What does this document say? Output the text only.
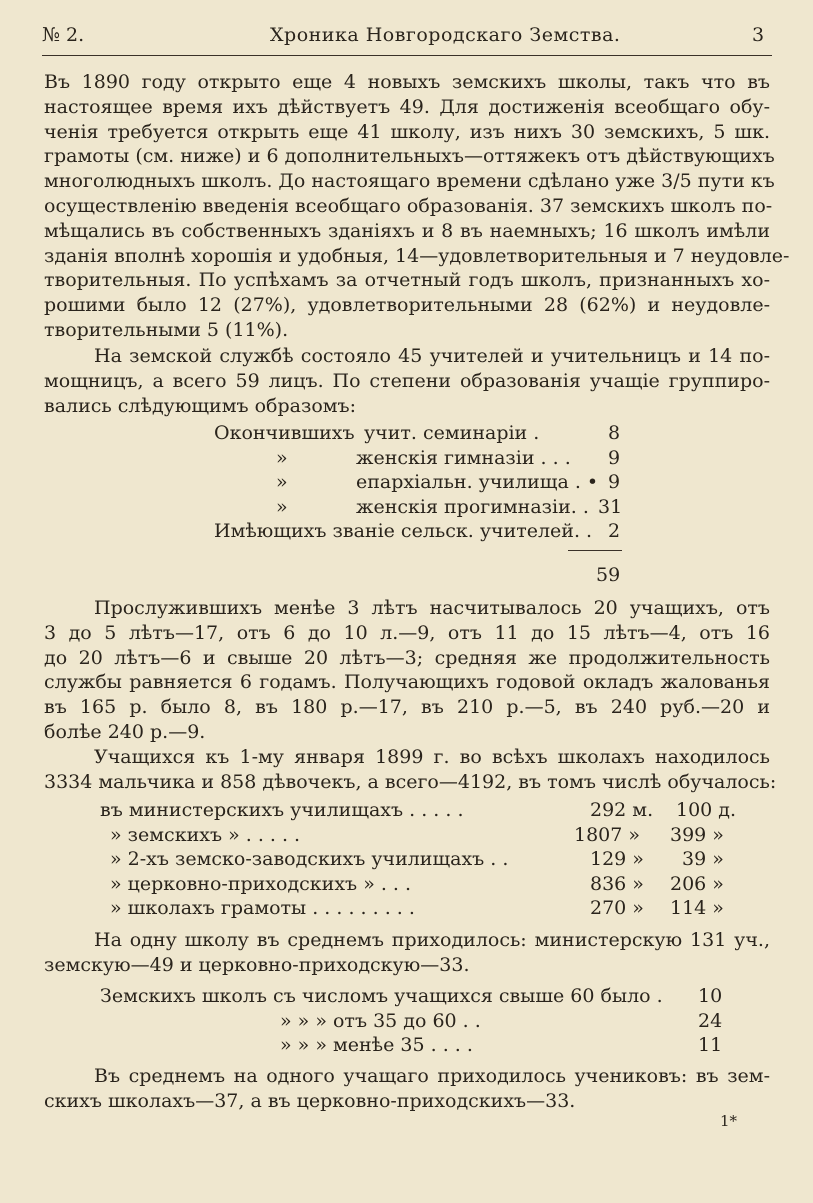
№ 2.	Хроника Новгородскаго Земства.	3
Въ 1890 году открыто еще 4 новыхъ земскихъ школы, такъ что въ
настоящее время ихъ дѣйствуетъ 49. Для достиженія всеобщаго обу-
ченія требуется открыть еще 41 школу, изъ нихъ 30 земскихъ, 5 шк.
грамоты (см. ниже) и 6 дополнительныхъ—оттяжекъ отъ дѣйствующихъ
многолюдныхъ школъ. До настоящаго времени сдѣлано уже 3/5 пути къ
осуществленію введенія всеобщаго образованія. 37 земскихъ школъ по-
мѣщались въ собственныхъ зданіяхъ и 8 въ наемныхъ; 16 школъ имѣли
зданія вполнѣ хорошія и удобныя, 14—удовлетворительныя и 7 неудовле-
творительныя. По успѣхамъ за отчетный годъ школъ, признанныхъ хо-
рошими было 12 (27%), удовлетворительными 28 (62%) и неудовле-
творительными 5 (11%).
На земской службѣ состояло 45 учителей и учительницъ и 14 по-
мощницъ, а всего 59 лицъ. По степени образованія учащіе группиро-
вались слѣдующимъ образомъ:
Окончившихъ учит. семинаріи .	8
»	женскія гимназіи . . . 9
»	епархіальн. училища . • 9
»	женскія прогимназіи. . 31
Имѣющихъ званіе сельск. учителей. . 2
59
Прослужившихъ менѣе 3 лѣтъ насчитывалось 20 учащихъ, отъ
3 до 5 лѣтъ—17, отъ 6 до 10 л.—9, отъ 11 до 15 лѣтъ—4, отъ 16
до 20 лѣтъ—6 и свыше 20 лѣтъ—3; средняя же продолжительность
службы равняется 6 годамъ. Получающихъ годовой окладъ жалованья
въ 165 р. было 8, въ 180 р.—17, въ 210 р.—5, въ 240 руб.—20 и
болѣе 240 р.—9.
Учащихся къ 1-му января 1899 г. во всѣхъ школахъ находилось
3334 мальчика и 858 дѣвочекъ, а всего—4192, въ томъ числѣ обучалось:
въ министерскихъ училищахъ . . . . .	292 м. 100 д.
» земскихъ » . . . . .	1807 » 399 »
» 2-хъ земско-заводскихъ училищахъ . .	129 » 39 »
» церковно-приходскихъ » . . .	836 » 206 »
» школахъ грамоты . . . . . . . . .	270 » 114 »
На одну школу въ среднемъ приходилось: министерскую 131 уч.,
земскую—49 и церковно-приходскую—33.
Земскихъ школъ съ числомъ учащихся свыше 60 было . 10
» » » отъ 35 до 60 . .	24
» » » менѣе 35 . . . .	11
Въ среднемъ на одного учащаго приходилось учениковъ: въ зем-
скихъ школахъ—37, а въ церковно-приходскихъ—33.
1*
